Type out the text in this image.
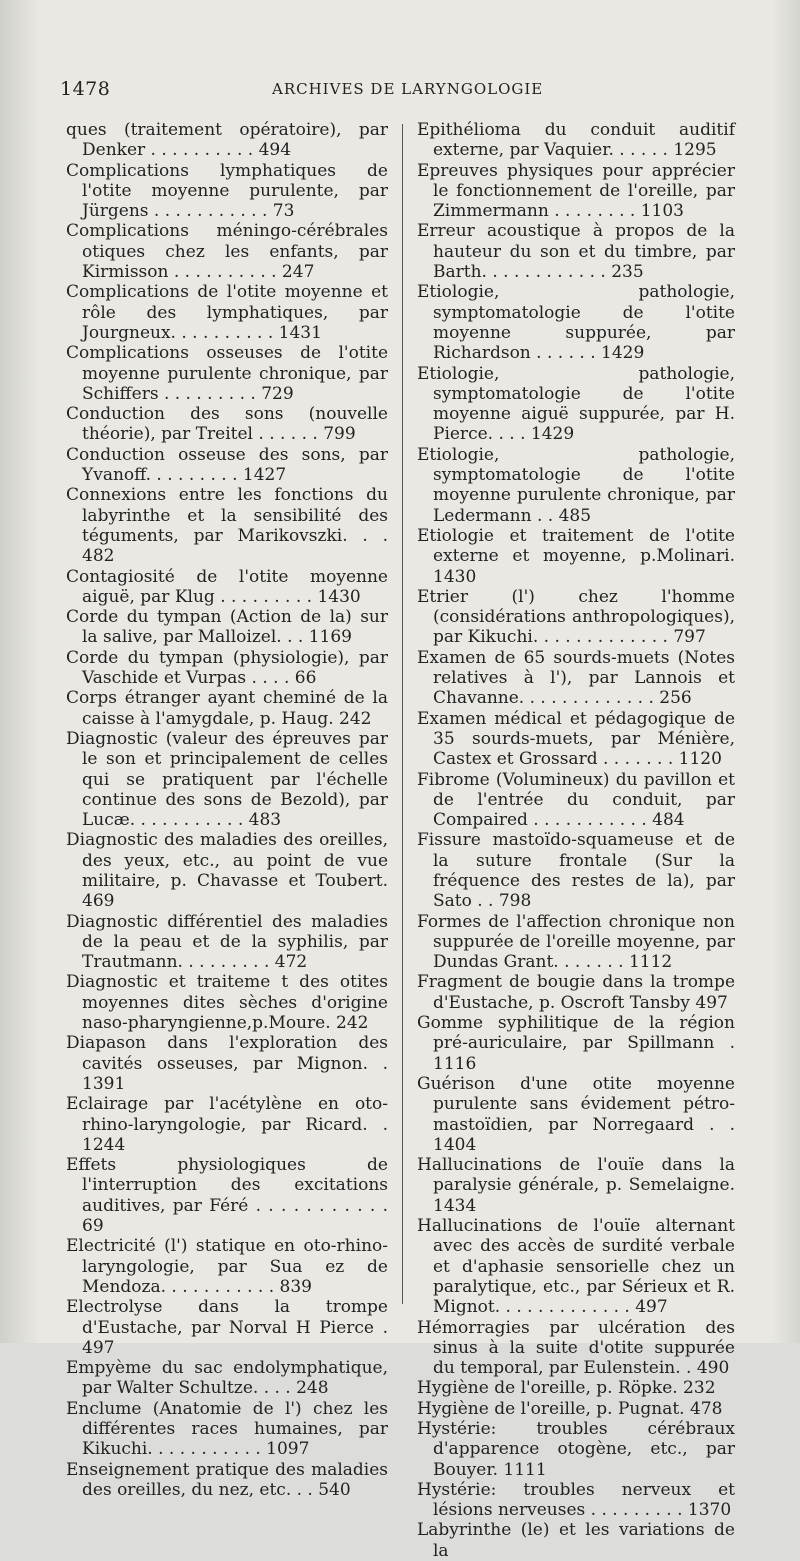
1478	ARCHIVES DE LARYNGOLOGIE

ques (traitement opératoire), par Denker . . . . . . . . . . 494

Complications lymphatiques de l'otite moyenne purulente, par Jürgens . . . . . . . . . . . 73

Complications méningo-cérébrales otiques chez les enfants, par Kirmisson . . . . . . . . . . 247

Complications de l'otite moyenne et rôle des lymphatiques, par Jourgneux. . . . . . . . . . 1431

Complications osseuses de l'otite moyenne purulente chronique, par Schiffers . . . . . . . . . 729

Conduction des sons (nouvelle théorie), par Treitel . . . . . . 799

Conduction osseuse des sons, par Yvanoff. . . . . . . . . 1427

Connexions entre les fonctions du labyrinthe et la sensibilité des téguments, par Marikovszki. . . 482

Contagiosité de l'otite moyenne aiguë, par Klug . . . . . . . . . 1430

Corde du tympan (Action de la) sur la salive, par Malloizel. . . 1169

Corde du tympan (physiologie), par Vaschide et Vurpas . . . . 66

Corps étranger ayant cheminé de la caisse à l'amygdale, p. Haug. 242

Diagnostic (valeur des épreuves par le son et principalement de celles qui se pratiquent par l'échelle continue des sons de Bezold), par Lucæ. . . . . . . . . . . 483

Diagnostic des maladies des oreilles, des yeux, etc., au point de vue militaire, p. Chavasse et Toubert. 469

Diagnostic différentiel des maladies de la peau et de la syphilis, par Trautmann. . . . . . . . . 472

Diagnostic et traiteme t des otites moyennes dites sèches d'origine naso-pharyngienne,p.Moure. 242

Diapason dans l'exploration des cavités osseuses, par Mignon. . 1391

Eclairage par l'acétylène en oto-rhino-laryngologie, par Ricard. . 1244

Effets physiologiques de l'interruption des excitations auditives, par Féré . . . . . . . . . . . 69

Electricité (l') statique en oto-rhino-laryngologie, par Sua ez de Mendoza. . . . . . . . . . . 839

Electrolyse dans la trompe d'Eustache, par Norval H Pierce . 497

Empyème du sac endolymphatique, par Walter Schultze. . . . 248

Enclume (Anatomie de l') chez les différentes races humaines, par Kikuchi. . . . . . . . . . . 1097

Enseignement pratique des maladies des oreilles, du nez, etc. . . 540

Epithélioma du conduit auditif externe, par Vaquier. . . . . . 1295

Epreuves physiques pour apprécier le fonctionnement de l'oreille, par Zimmermann . . . . . . . . 1103

Erreur acoustique à propos de la hauteur du son et du timbre, par Barth. . . . . . . . . . . . 235

Etiologie, pathologie, symptomatologie de l'otite moyenne suppurée, par Richardson . . . . . . 1429

Etiologie, pathologie, symptomatologie de l'otite moyenne aiguë suppurée, par H. Pierce. . . . 1429

Etiologie, pathologie, symptomatologie de l'otite moyenne purulente chronique, par Ledermann . . 485

Etiologie et traitement de l'otite externe et moyenne, p.Molinari. 1430

Etrier (l') chez l'homme (considérations anthropologiques), par Kikuchi. . . . . . . . . . . . . 797

Examen de 65 sourds-muets (Notes relatives à l'), par Lannois et Chavanne. . . . . . . . . . . . . 256

Examen médical et pédagogique de 35 sourds-muets, par Ménière, Castex et Grossard . . . . . . . 1120

Fibrome (Volumineux) du pavillon et de l'entrée du conduit, par Compaired . . . . . . . . . . . 484

Fissure mastoïdo-squameuse et de la suture frontale (Sur la fréquence des restes de la), par Sato . . 798

Formes de l'affection chronique non suppurée de l'oreille moyenne, par Dundas Grant. . . . . . . 1112

Fragment de bougie dans la trompe d'Eustache, p. Oscroft Tansby 497

Gomme syphilitique de la région pré-auriculaire, par Spillmann . 1116

Guérison d'une otite moyenne purulente sans évidement pétro-mastoïdien, par Norregaard . . 1404

Hallucinations de l'ouïe dans la paralysie générale, p. Semelaigne. 1434

Hallucinations de l'ouïe alternant avec des accès de surdité verbale et d'aphasie sensorielle chez un paralytique, etc., par Sérieux et R. Mignot. . . . . . . . . . . . . 497

Hémorragies par ulcération des sinus à la suite d'otite suppurée du temporal, par Eulenstein. . 490

Hygiène de l'oreille, p. Röpke. 232

Hygiène de l'oreille, p. Pugnat. 478

Hystérie: troubles cérébraux d'apparence otogène, etc., par Bouyer. 1111

Hystérie: troubles nerveux et lésions nerveuses . . . . . . . . . 1370

Labyrinthe (le) et les variations de la
